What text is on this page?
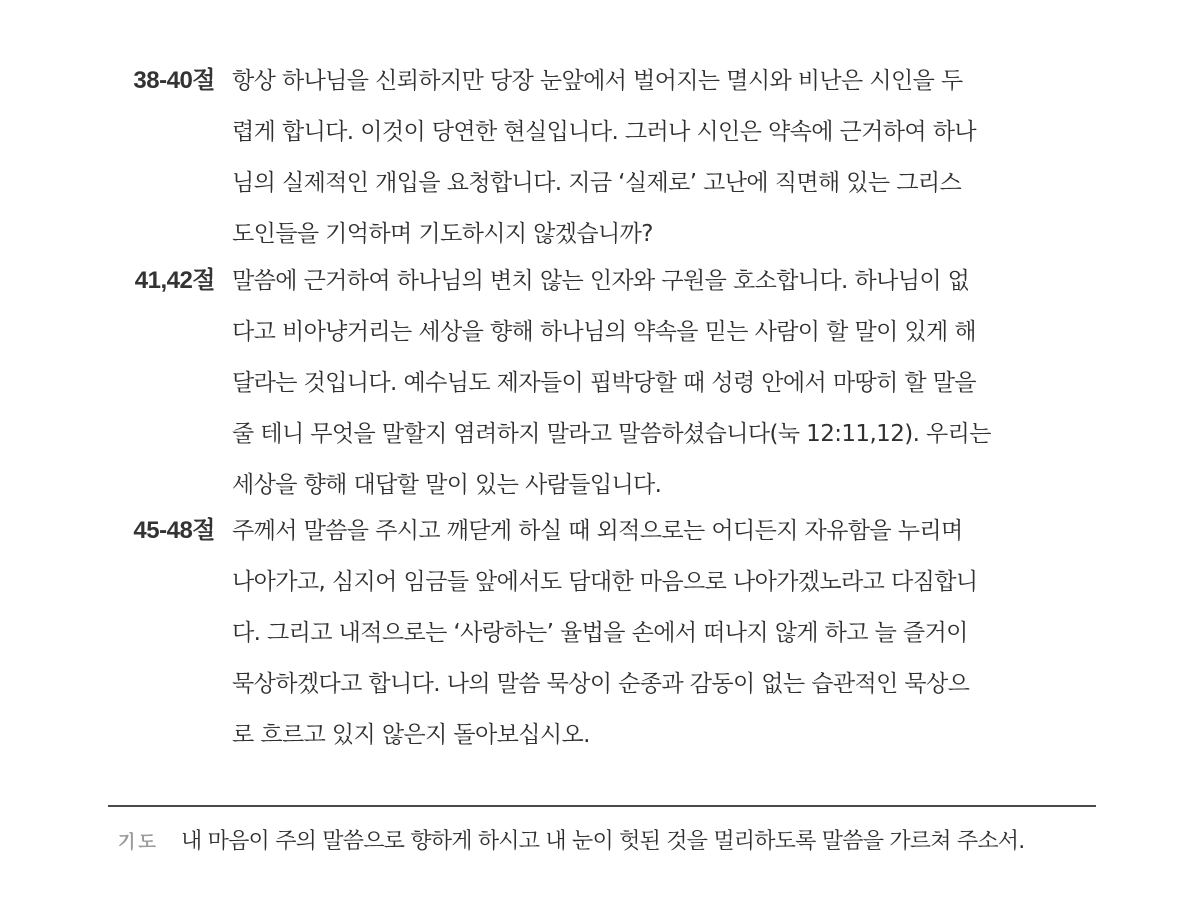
38-40절 항상 하나님을 신뢰하지만 당장 눈앞에서 벌어지는 멸시와 비난은 시인을 두
렵게 합니다. 이것이 당연한 현실입니다. 그러나 시인은 약속에 근거하여 하나
님의 실제적인 개입을 요청합니다. 지금 ‘실제로’ 고난에 직면해 있는 그리스
도인들을 기억하며 기도하시지 않겠습니까?
41,42절 말씀에 근거하여 하나님의 변치 않는 인자와 구원을 호소합니다. 하나님이 없
다고 비아냥거리는 세상을 향해 하나님의 약속을 믿는 사람이 할 말이 있게 해
달라는 것입니다. 예수님도 제자들이 핍박당할 때 성령 안에서 마땅히 할 말을
줄 테니 무엇을 말할지 염려하지 말라고 말씀하셨습니다(눅 12:11,12). 우리는
세상을 향해 대답할 말이 있는 사람들입니다.
45-48절 주께서 말씀을 주시고 깨닫게 하실 때 외적으로는 어디든지 자유함을 누리며
나아가고, 심지어 임금들 앞에서도 담대한 마음으로 나아가겠노라고 다짐합니
다. 그리고 내적으로는 ‘사랑하는’ 율법을 손에서 떠나지 않게 하고 늘 즐거이
묵상하겠다고 합니다. 나의 말씀 묵상이 순종과 감동이 없는 습관적인 묵상으
로 흐르고 있지 않은지 돌아보십시오.
기도 내 마음이 주의 말씀으로 향하게 하시고 내 눈이 헛된 것을 멀리하도록 말씀을 가르쳐 주소서.
